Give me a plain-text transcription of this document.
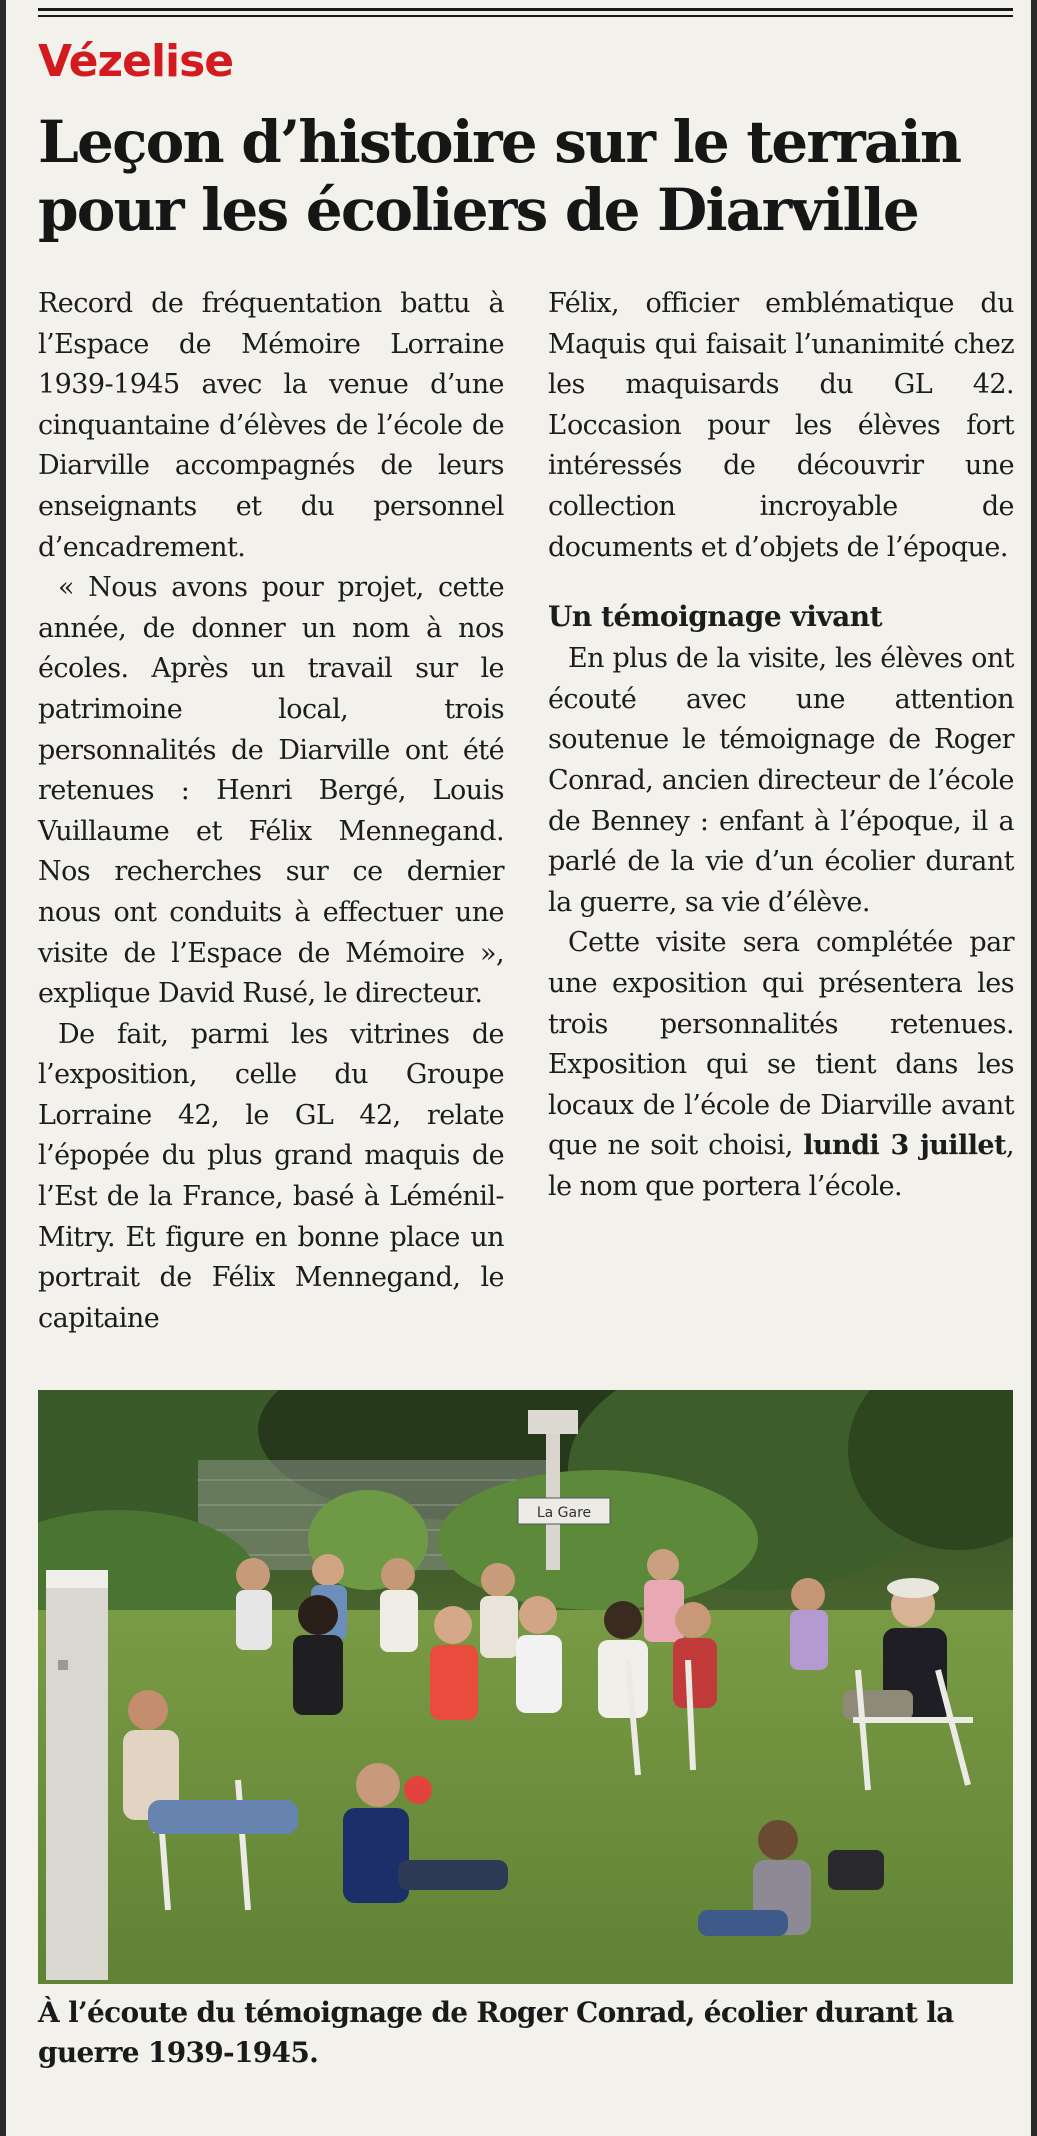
Vézelise
Leçon d’histoire sur le terrain
pour les écoliers de Diarville

Record de fréquentation battu à l’Espace de Mémoire Lorraine 1939-1945 avec la venue d’une cinquantaine d’élèves de l’école de Diarville accompagnés de leurs enseignants et du personnel d’encadrement.

« Nous avons pour projet, cette année, de donner un nom à nos écoles. Après un travail sur le patrimoine local, trois personnalités de Diarville ont été retenues : Henri Bergé, Louis Vuillaume et Félix Mennegand. Nos recherches sur ce dernier nous ont conduits à effectuer une visite de l’Espace de Mémoire », explique David Rusé, le directeur.

De fait, parmi les vitrines de l’exposition, celle du Groupe Lorraine 42, le GL 42, relate l’épopée du plus grand maquis de l’Est de la France, basé à Léménil-Mitry. Et figure en bonne place un portrait de Félix Mennegand, le capitaine

Félix, officier emblématique du Maquis qui faisait l’unanimité chez les maquisards du GL 42. L’occasion pour les élèves fort intéressés de découvrir une collection incroyable de documents et d’objets de l’époque.

Un témoignage vivant

En plus de la visite, les élèves ont écouté avec une attention soutenue le témoignage de Roger Conrad, ancien directeur de l’école de Benney : enfant à l’époque, il a parlé de la vie d’un écolier durant la guerre, sa vie d’élève.

Cette visite sera complétée par une exposition qui présentera les trois personnalités retenues. Exposition qui se tient dans les locaux de l’école de Diarville avant que ne soit choisi, lundi 3 juillet, le nom que portera l’école.

La Gare
À l’écoute du témoignage de Roger Conrad, écolier durant la guerre 1939-1945.
